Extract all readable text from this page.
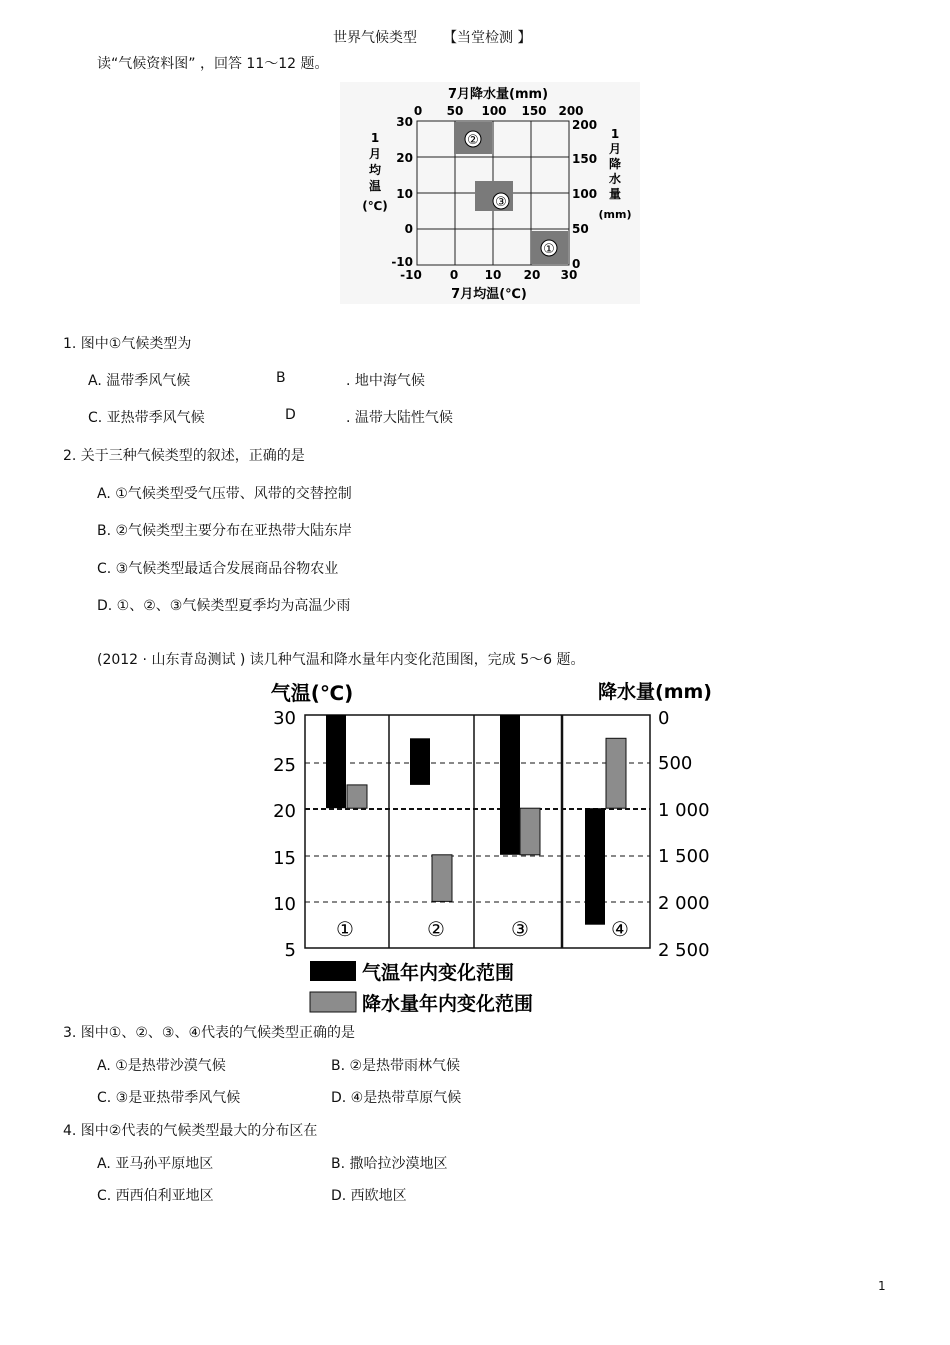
世界气候类型 【当堂检测 】
读“气候资料图” ，回答 11～12 题。
7月降水量(mm)
0 50 100 150 200
②
③
①
30
20
10
0
-10
1
月
均
温
(℃)
200
150
100
50
0
1
月
降
水
量
(mm)
-10 0 10 20 30
7月均温(℃)
1. 图中①气候类型为
A. 温带季风气候	B	. 地中海气候
C. 亚热带季风气候	D	. 温带大陆性气候
2. 关于三种气候类型的叙述，正确的是
A. ①气候类型受气压带、风带的交替控制
B. ②气候类型主要分布在亚热带大陆东岸
C. ③气候类型最适合发展商品谷物农业
D. ①、②、③气候类型夏季均为高温少雨
(2012 · 山东青岛测试 ) 读几种气温和降水量年内变化范围图，完成 5～6 题。
气温(℃)	降水量(mm)
①	②	③	④
30
25
20
15
10
5
0
500
1 000
1 500
2 000
2 500
气温年内变化范围
降水量年内变化范围
3. 图中①、②、③、④代表的气候类型正确的是
A. ①是热带沙漠气候	B. ②是热带雨林气候
C. ③是亚热带季风气候	D. ④是热带草原气候
4. 图中②代表的气候类型最大的分布区在
A. 亚马孙平原地区	B. 撒哈拉沙漠地区
C. 西西伯利亚地区	D. 西欧地区
1
